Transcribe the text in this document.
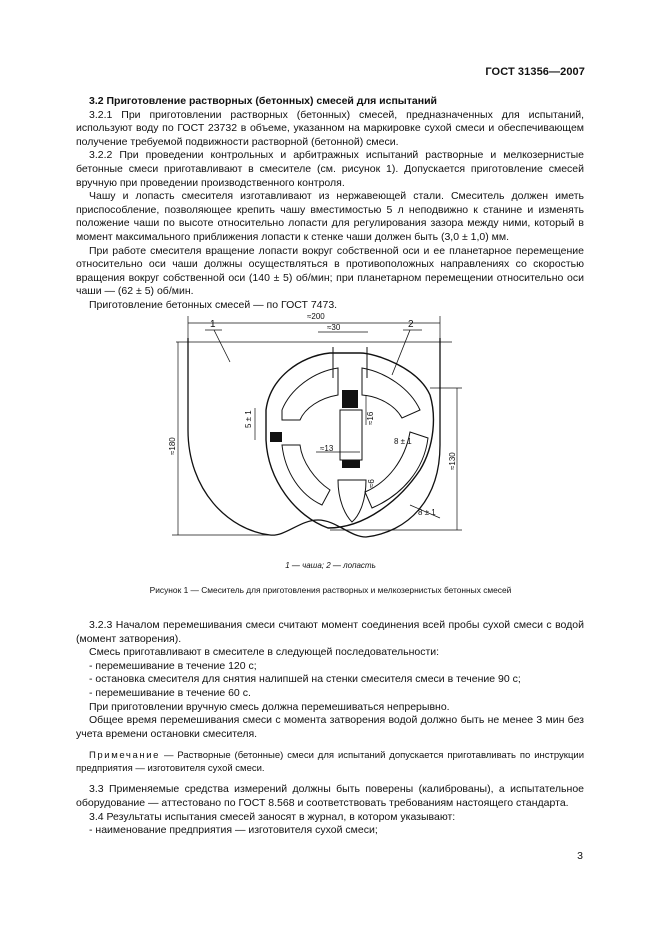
ГОСТ 31356—2007

3.2 Приготовление растворных (бетонных) смесей для испытаний

3.2.1 При приготовлении растворных (бетонных) смесей, предназначенных для испытаний, используют воду по ГОСТ 23732 в объеме, указанном на маркировке сухой смеси и обеспечивающем получение требуемой подвижности растворной (бетонной) смеси.

3.2.2 При проведении контрольных и арбитражных испытаний растворные и мелкозернистые бетонные смеси приготавливают в смесителе (см. рисунок 1). Допускается приготовление смесей вручную при проведении производственного контроля.

Чашу и лопасть смесителя изготавливают из нержавеющей стали. Смеситель должен иметь приспособление, позволяющее крепить чашу вместимостью 5 л неподвижно к станине и изменять положение чаши по высоте относительно лопасти для регулирования зазора между ними, который в момент максимального приближения лопасти к стенке чаши должен быть (3,0 ± 1,0) мм.

При работе смесителя вращение лопасти вокруг собственной оси и ее планетарное перемещение относительно оси чаши должны осуществляться в противоположных направлениях со скоростью вращения вокруг собственной оси (140 ± 5) об/мин; при планетарном перемещении относительно оси чаши — (62 ± 5) об/мин.

Приготовление бетонных смесей — по ГОСТ 7473.

1	2
≈200
≈30
≈180
≈130
5 ± 1	≈16
8 ± 1
≈13
≈6
8 ± 1
1 — чаша; 2 — лопасть
Рисунок 1 — Смеситель для приготовления растворных и мелкозернистых бетонных смесей

3.2.3 Началом перемешивания смеси считают момент соединения всей пробы сухой смеси с водой (момент затворения).

Смесь приготавливают в смесителе в следующей последовательности:

- перемешивание в течение 120 с;

- остановка смесителя для снятия налипшей на стенки смесителя смеси в течение 90 с;

- перемешивание в течение 60 с.

При приготовлении вручную смесь должна перемешиваться непрерывно.

Общее время перемешивания смеси с момента затворения водой должно быть не менее 3 мин без учета времени остановки смесителя.

Примечание — Растворные (бетонные) смеси для испытаний допускается приготавливать по инструкции предприятия — изготовителя сухой смеси.

3.3 Применяемые средства измерений должны быть поверены (калиброваны), а испытательное оборудование — аттестовано по ГОСТ 8.568 и соответствовать требованиям настоящего стандарта.

3.4 Результаты испытания смесей заносят в журнал, в котором указывают:

- наименование предприятия — изготовителя сухой смеси;

3
